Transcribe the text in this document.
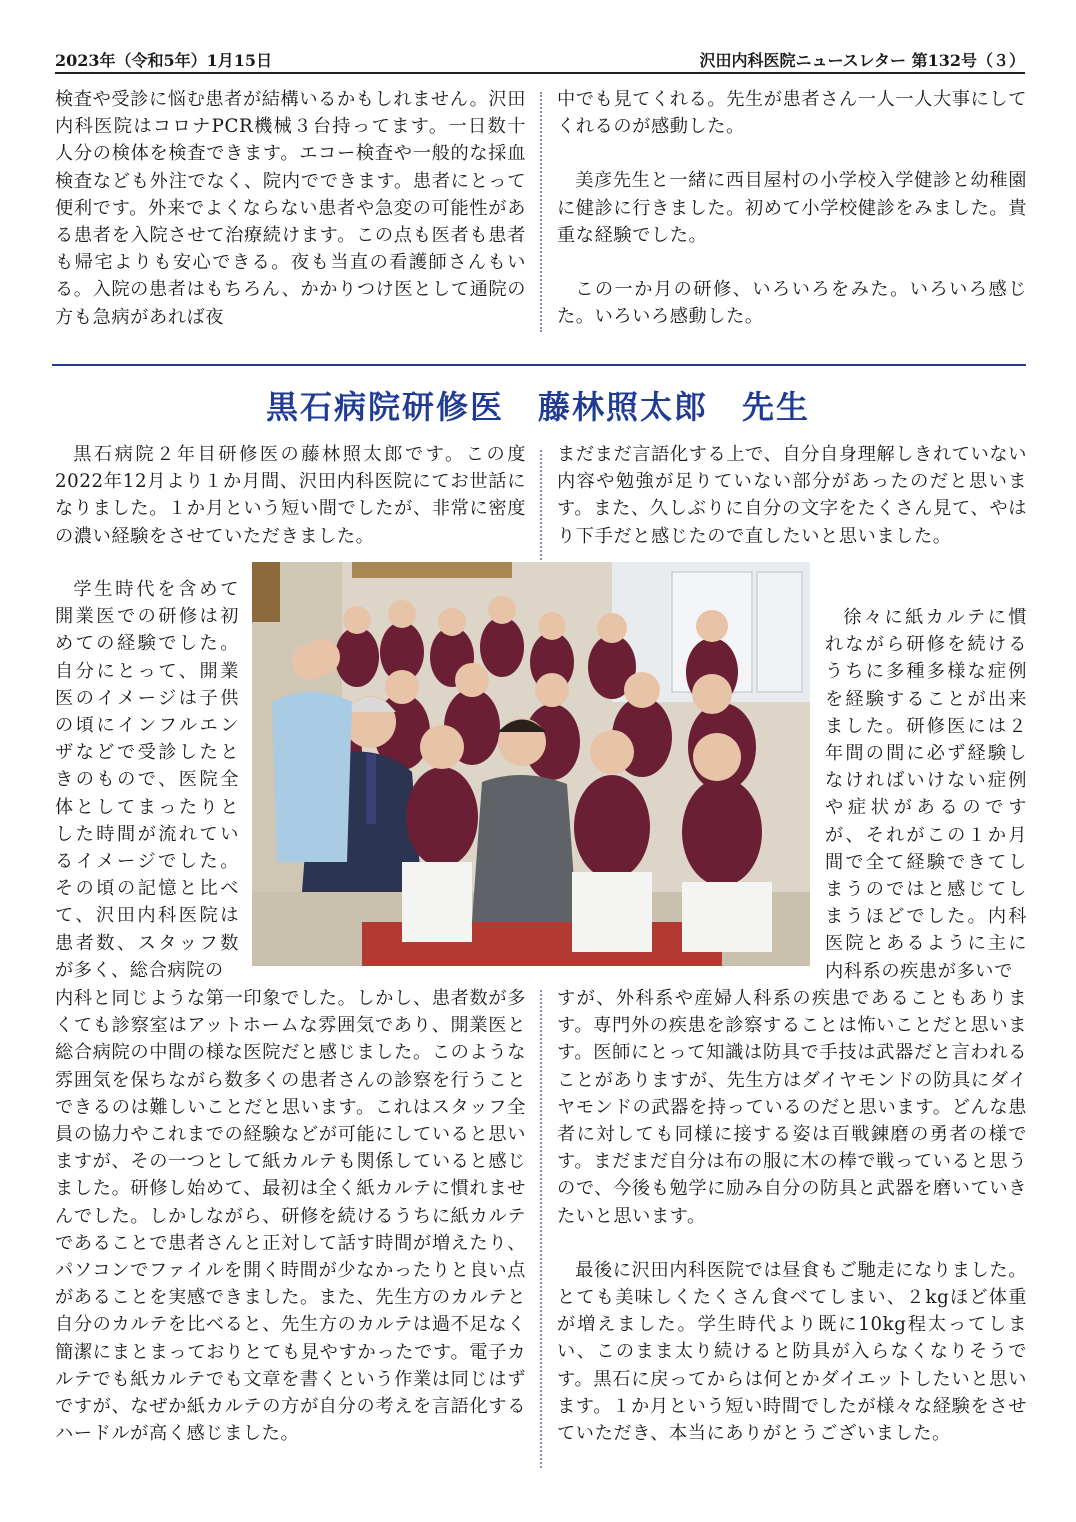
2023年（令和5年）1月15日	沢田内科医院ニュースレター 第132号（３）

検査や受診に悩む患者が結構いるかもしれません。沢田内科医院はコロナPCR機械３台持ってます。一日数十人分の検体を検査できます。エコー検査や一般的な採血検査なども外注でなく、院内でできます。患者にとって便利です。外来でよくならない患者や急変の可能性がある患者を入院させて治療続けます。この点も医者も患者も帰宅よりも安心できる。夜も当直の看護師さんもいる。入院の患者はもちろん、かかりつけ医として通院の方も急病があれば夜

中でも見てくれる。先生が患者さん一人一人大事にしてくれるのが感動した。

美彦先生と一緒に西目屋村の小学校入学健診と幼稚園に健診に行きました。初めて小学校健診をみました。貴重な経験でした。

この一か月の研修、いろいろをみた。いろいろ感じた。いろいろ感動した。

黒石病院研修医　藤林照太郎　先生

黒石病院２年目研修医の藤林照太郎です。この度2022年12月より１か月間、沢田内科医院にてお世話になりました。１か月という短い間でしたが、非常に密度の濃い経験をさせていただきました。

学生時代を含めて開業医での研修は初めての経験でした。自分にとって、開業医のイメージは子供の頃にインフルエンザなどで受診したときのもので、医院全体としてまったりとした時間が流れているイメージでした。その頃の記憶と比べて、沢田内科医院は患者数、スタッフ数が多く、総合病院の

内科と同じような第一印象でした。しかし、患者数が多くても診察室はアットホームな雰囲気であり、開業医と総合病院の中間の様な医院だと感じました。このような雰囲気を保ちながら数多くの患者さんの診察を行うことできるのは難しいことだと思います。これはスタッフ全員の協力やこれまでの経験などが可能にしていると思いますが、その一つとして紙カルテも関係していると感じました。研修し始めて、最初は全く紙カルテに慣れませんでした。しかしながら、研修を続けるうちに紙カルテであることで患者さんと正対して話す時間が増えたり、パソコンでファイルを開く時間が少なかったりと良い点があることを実感できました。また、先生方のカルテと自分のカルテを比べると、先生方のカルテは過不足なく簡潔にまとまっておりとても見やすかったです。電子カルテでも紙カルテでも文章を書くという作業は同じはずですが、なぜか紙カルテの方が自分の考えを言語化するハードルが高く感じました。

まだまだ言語化する上で、自分自身理解しきれていない内容や勉強が足りていない部分があったのだと思います。また、久しぶりに自分の文字をたくさん見て、やはり下手だと感じたので直したいと思いました。

徐々に紙カルテに慣れながら研修を続けるうちに多種多様な症例を経験することが出来ました。研修医には２年間の間に必ず経験しなければいけない症例や症状があるのですが、それがこの１か月間で全て経験できてしまうのではと感じてしまうほどでした。内科医院とあるように主に内科系の疾患が多いで

すが、外科系や産婦人科系の疾患であることもあります。専門外の疾患を診察することは怖いことだと思います。医師にとって知識は防具で手技は武器だと言われることがありますが、先生方はダイヤモンドの防具にダイヤモンドの武器を持っているのだと思います。どんな患者に対しても同様に接する姿は百戦錬磨の勇者の様です。まだまだ自分は布の服に木の棒で戦っていると思うので、今後も勉学に励み自分の防具と武器を磨いていきたいと思います。

最後に沢田内科医院では昼食もご馳走になりました。とても美味しくたくさん食べてしまい、２kgほど体重が増えました。学生時代より既に10kg程太ってしまい、このまま太り続けると防具が入らなくなりそうです。黒石に戻ってからは何とかダイエットしたいと思います。１か月という短い時間でしたが様々な経験をさせていただき、本当にありがとうございました。
